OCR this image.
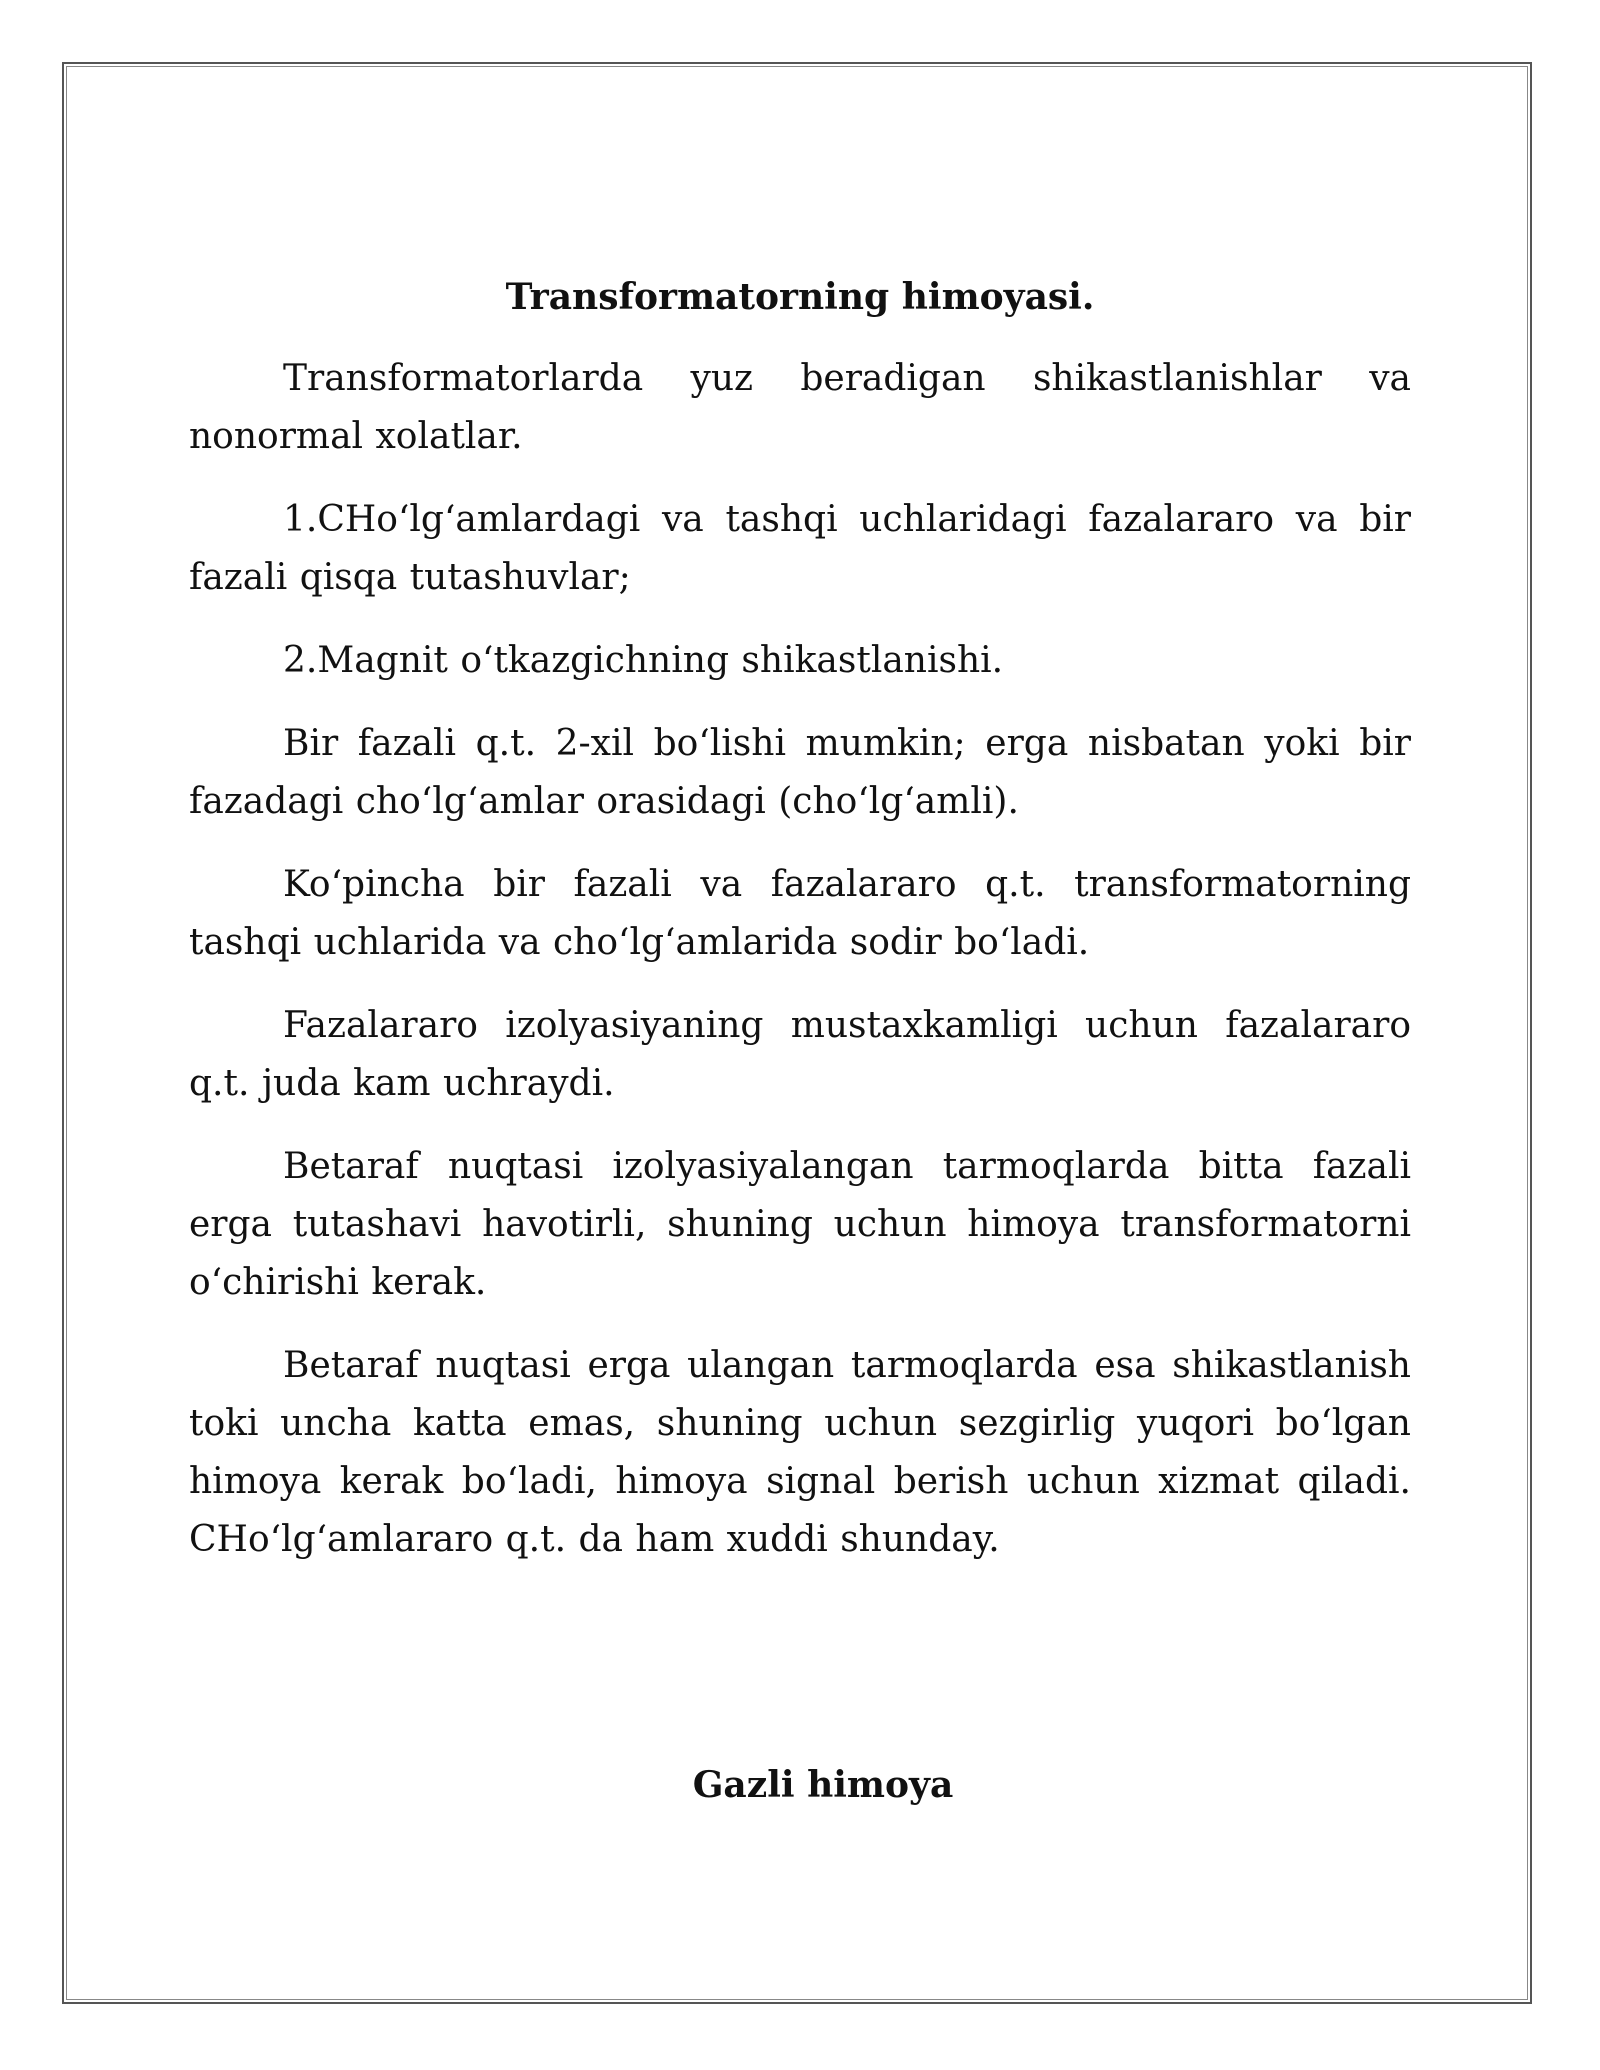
Transformatorning himoyasi.

Transformatorlarda yuz beradigan shikastlanishlar va nonormal xolatlar.

1.CHo‘lg‘amlardagi va tashqi uchlaridagi fazalararo va bir fazali qisqa tutashuvlar;

2.Magnit o‘tkazgichning shikastlanishi.

Bir fazali q.t. 2-xil bo‘lishi mumkin; erga nisbatan yoki bir fazadagi cho‘lg‘amlar orasidagi (cho‘lg‘amli).

Ko‘pincha bir fazali va fazalararo q.t. transformatorning tashqi uchlarida va cho‘lg‘amlarida sodir bo‘ladi.

Fazalararo izolyasiyaning mustaxkamligi uchun fazalararo q.t. juda kam uchraydi.

Betaraf nuqtasi izolyasiyalangan tarmoqlarda bitta fazali erga tutashavi havotirli, shuning uchun himoya transformatorni o‘chirishi kerak.

Betaraf nuqtasi erga ulangan tarmoqlarda esa shikastlanish toki uncha katta emas, shuning uchun sezgirlig yuqori bo‘lgan himoya kerak bo‘ladi, himoya signal berish uchun xizmat qiladi. CHo‘lg‘amlararo q.t. da ham xuddi shunday.

Gazli himoya
